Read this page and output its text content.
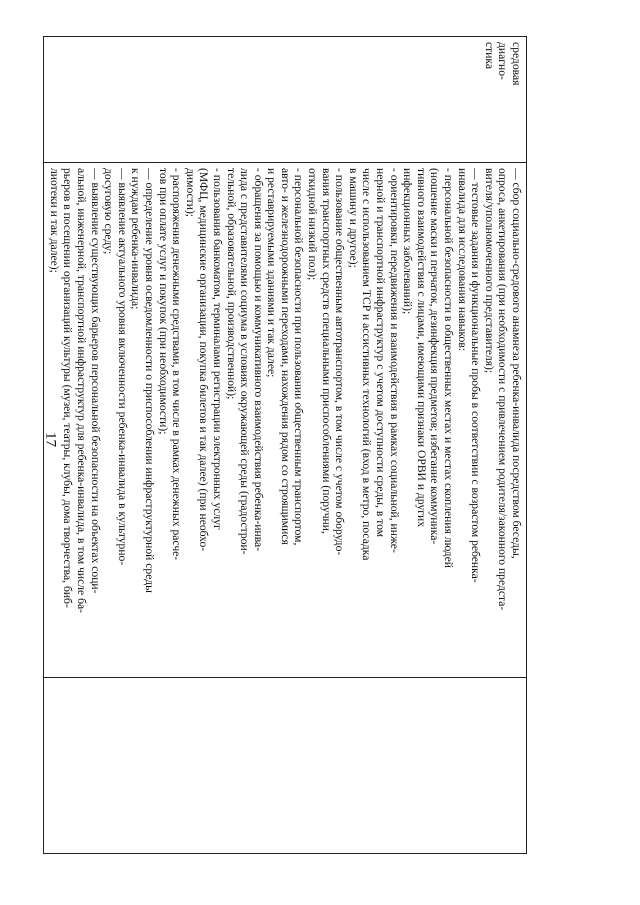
17
средовая диагно-стика

— сбор социально-средового анамнеза ребенка-инвалида посредством беседы,
опроса, анкетирования (при необходимости с привлечением родителя/законного предста-
вителя/уполномоченного представителя);
— тестовые задания и функциональные пробы в соответствии с возрастом ребенка-
инвалида для исследования навыков:
- персональной безопасности в общественных местах и местах скопления людей
(ношение маски и перчаток, дезинфекция предметов; избегание коммуника-
тивного взаимодействия с лицами, имеющими признаки ОРВИ и других
инфекционных заболеваний);
- ориентировки, передвижения и взаимодействия в рамках социальной, инже-
нерной и транспортной инфраструктур с учетом доступности среды, в том
числе с использованием ТСР и ассистивных технологий (вход в метро, посадка
в машину и другое);
- пользование общественным автотранспортом, в том числе с учетом оборудо-
вания транспортных средств специальными приспособлениями (поручни,
откидной низкий пол);
- персональной безопасности при пользовании общественным транспортом,
авто- и железнодорожными переходами, нахождения рядом со строящимися
и реставрируемыми зданиями и так далее;
- обращения за помощью и коммуникативного взаимодействия ребенка-инва-
лида с представителями социума в условиях окружающей среды (градострои-
тельной, образовательной, производственной);
- пользования банкоматом, терминалами регистрации электронных услуг
(МФЦ, медицинские организации, покупка билетов и так далее) (при необхо-
димости);
- распоряжения денежными средствами, в том числе в рамках денежных расче-
тов при оплате услуг и покупок (при необходимости);
— определение уровня осведомленности о приспособлении инфраструктурной среды
к нуждам ребенка-инвалида;
— выявление актуального уровня включенности ребенка-инвалида в культурно-
досуговую среду;
— выявление существующих барьеров персональной безопасности на объектах соци-
альной, инженерной, транспортной инфраструктур для ребенка-инвалида, в том числе ба-
рьеров в посещении организаций культуры (музеи, театры, клубы, дома творчества, биб-
лиотеки и так далее);
